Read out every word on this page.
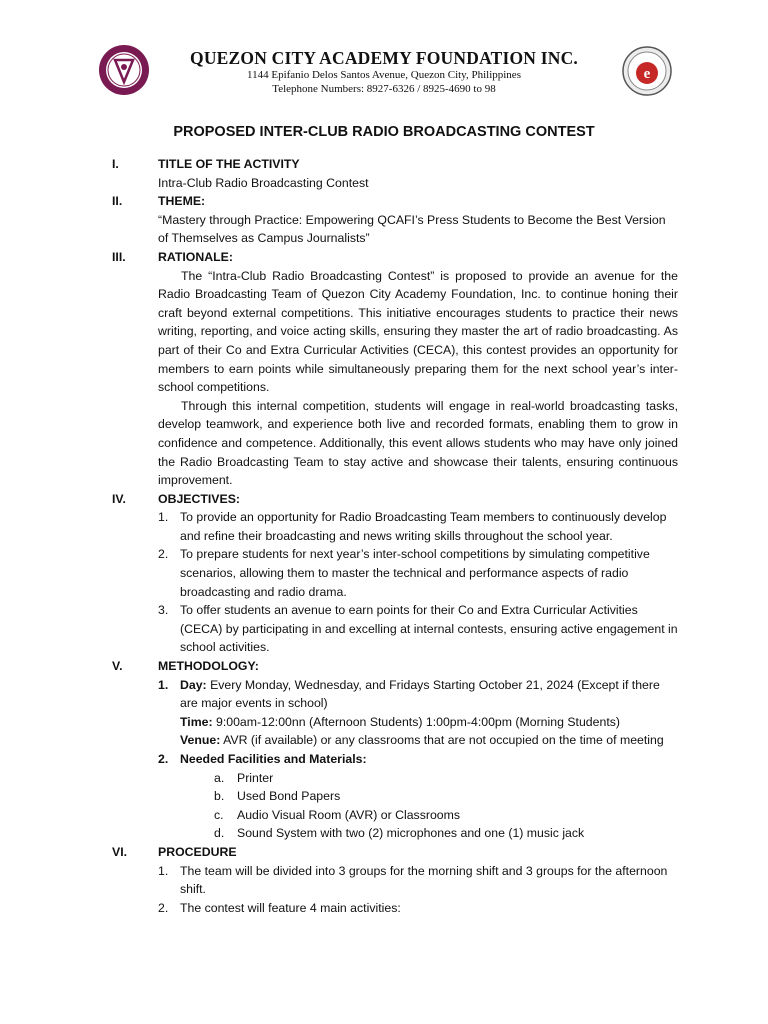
QUEZON CITY ACADEMY FOUNDATION INC.
1144 Epifanio Delos Santos Avenue, Quezon City, Philippines
Telephone Numbers: 8927-6326 / 8925-4690 to 98
e
PROPOSED INTER-CLUB RADIO BROADCASTING CONTEST
I.	TITLE OF THE ACTIVITY
Intra-Club Radio Broadcasting Contest
II.	THEME:
“Mastery through Practice: Empowering QCAFI’s Press Students to Become the Best Version of Themselves as Campus Journalists”
III.	RATIONALE:
The “Intra-Club Radio Broadcasting Contest” is proposed to provide an avenue for the Radio Broadcasting Team of Quezon City Academy Foundation, Inc. to continue honing their craft beyond external competitions. This initiative encourages students to practice their news writing, reporting, and voice acting skills, ensuring they master the art of radio broadcasting. As part of their Co and Extra Curricular Activities (CECA), this contest provides an opportunity for members to earn points while simultaneously preparing them for the next school year’s inter-school competitions.
Through this internal competition, students will engage in real-world broadcasting tasks, develop teamwork, and experience both live and recorded formats, enabling them to grow in confidence and competence. Additionally, this event allows students who may have only joined the Radio Broadcasting Team to stay active and showcase their talents, ensuring continuous improvement.
IV.	OBJECTIVES:
1. To provide an opportunity for Radio Broadcasting Team members to continuously develop and refine their broadcasting and news writing skills throughout the school year.
2. To prepare students for next year’s inter-school competitions by simulating competitive scenarios, allowing them to master the technical and performance aspects of radio broadcasting and radio drama.
3. To offer students an avenue to earn points for their Co and Extra Curricular Activities (CECA) by participating in and excelling at internal contests, ensuring active engagement in school activities.
V.	METHODOLOGY:
1. Day: Every Monday, Wednesday, and Fridays Starting October 21, 2024 (Except if there are major events in school)
Time: 9:00am-12:00nn (Afternoon Students) 1:00pm-4:00pm (Morning Students)
Venue: AVR (if available) or any classrooms that are not occupied on the time of meeting
2. Needed Facilities and Materials:
a. Printer
b. Used Bond Papers
c. Audio Visual Room (AVR) or Classrooms
d. Sound System with two (2) microphones and one (1) music jack
VI.	PROCEDURE
1. The team will be divided into 3 groups for the morning shift and 3 groups for the afternoon shift.
2. The contest will feature 4 main activities:
